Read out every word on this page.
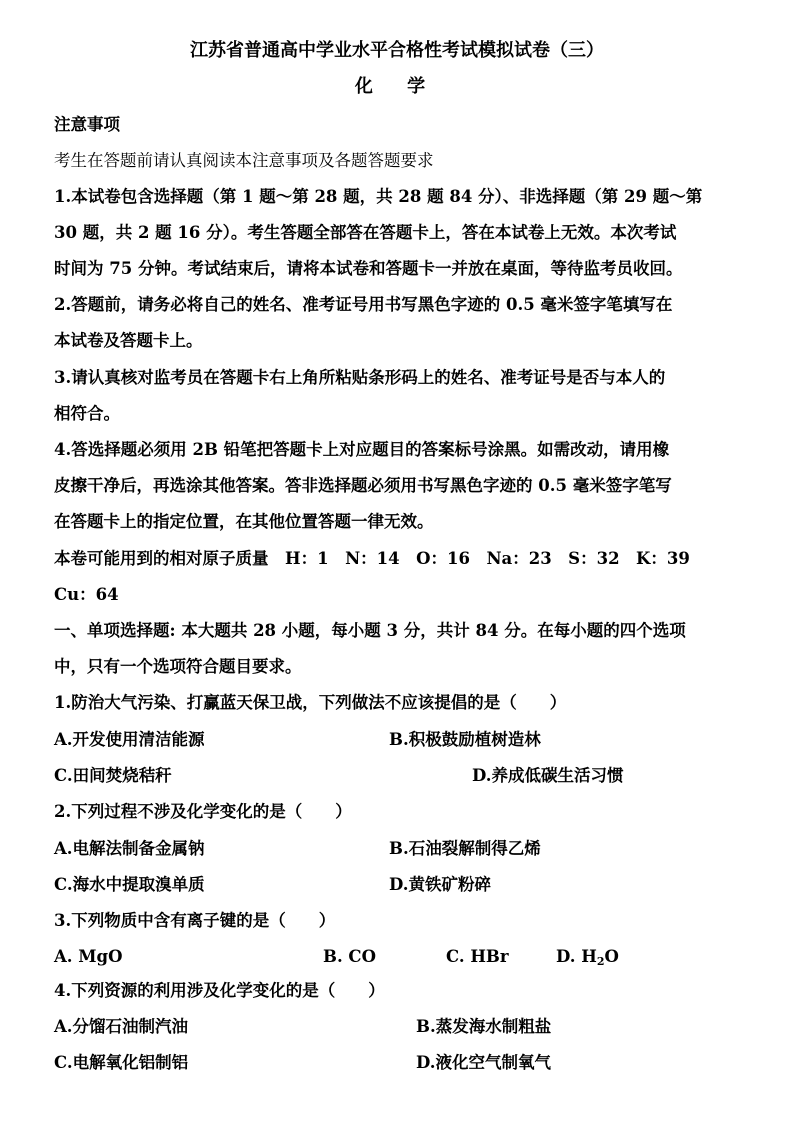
江苏省普通高中学业水平合格性考试模拟试卷（三）
化 学
注意事项
考生在答题前请认真阅读本注意事项及各题答题要求
1.本试卷包含选择题（第 1 题～第 28 题，共 28 题 84 分）、非选择题（第 29 题～第
30 题，共 2 题 16 分）。考生答题全部答在答题卡上，答在本试卷上无效。本次考试
时间为 75 分钟。考试结束后，请将本试卷和答题卡一并放在桌面，等待监考员收回。
2.答题前，请务必将自己的姓名、准考证号用书写黑色字迹的 0.5 毫米签字笔填写在
本试卷及答题卡上。
3.请认真核对监考员在答题卡右上角所粘贴条形码上的姓名、准考证号是否与本人的
相符合。
4.答选择题必须用 2B 铅笔把答题卡上对应题目的答案标号涂黑。如需改动，请用橡
皮擦干净后，再选涂其他答案。答非选择题必须用书写黑色字迹的 0.5 毫米签字笔写
在答题卡上的指定位置，在其他位置答题一律无效。
本卷可能用到的相对原子质量　H：1　N：14　O：16　Na：23　S：32　K：39
Cu：64
一、单项选择题: 本大题共 28 小题，每小题 3 分，共计 84 分。在每小题的四个选项
中，只有一个选项符合题目要求。
1.防治大气污染、打赢蓝天保卫战，下列做法不应该提倡的是（　　）
A.开发使用清洁能源	B.积极鼓励植树造林
C.田间焚烧秸秆	D.养成低碳生活习惯
2.下列过程不涉及化学变化的是（　　）
A.电解法制备金属钠	B.石油裂解制得乙烯
C.海水中提取溴单质	D.黄铁矿粉碎
3.下列物质中含有离子键的是（　　）
A. MgO	B. CO	C. HBr	D. $H_2O$
4.下列资源的利用涉及化学变化的是（　　）
A.分馏石油制汽油	B.蒸发海水制粗盐
C.电解氧化铝制铝	D.液化空气制氧气
